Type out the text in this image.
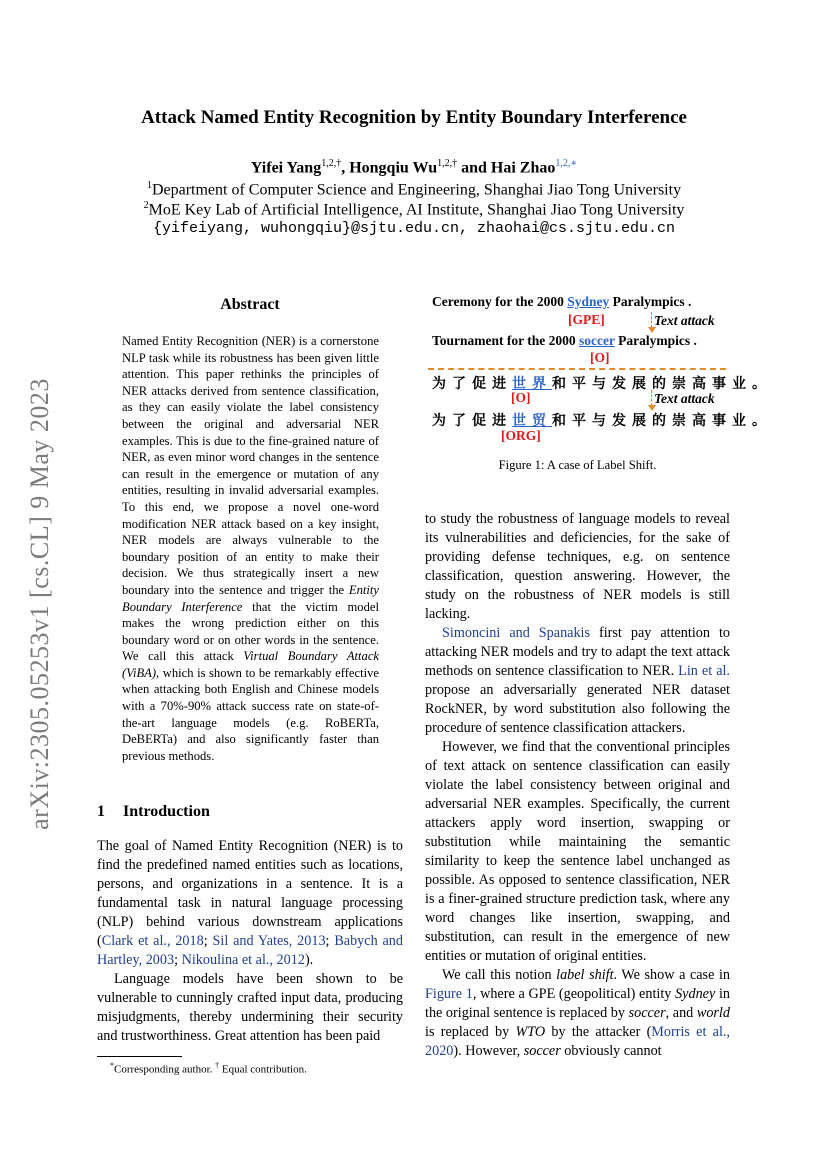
arXiv:2305.05253v1 [cs.CL] 9 May 2023
Attack Named Entity Recognition by Entity Boundary Interference
Yifei Yang$^{1,2,\dagger}$, Hongqiu $Wu^{1,2,\dagger}$ and Hai Zhao$^{1,2,∗}$
$^1$Department of Computer Science and Engineering, Shanghai Jiao Tong University
$^2$MoE Key Lab of Artificial Intelligence, AI Institute, Shanghai Jiao Tong University
{yifeiyang, wuhongqiu}@sjtu.edu.cn, zhaohai@cs.sjtu.edu.cn
Abstract
Named Entity Recognition (NER) is a cornerstone NLP task while its robustness has been given little attention. This paper rethinks the principles of NER attacks derived from sentence classification, as they can easily violate the label consistency between the original and adversarial NER examples. This is due to the fine-grained nature of NER, as even minor word changes in the sentence can result in the emergence or mutation of any entities, resulting in invalid adversarial examples. To this end, we propose a novel one-word modification NER attack based on a key insight, NER models are always vulnerable to the boundary position of an entity to make their decision. We thus strategically insert a new boundary into the sentence and trigger the Entity Boundary Interference that the victim model makes the wrong prediction either on this boundary word or on other words in the sentence. We call this attack Virtual Boundary Attack (ViBA), which is shown to be remarkably effective when attacking both English and Chinese models with a 70%-90% attack success rate on state-of-the-art language models (e.g. RoBERTa, DeBERTa) and also significantly faster than previous methods.
1 Introduction

The goal of Named Entity Recognition (NER) is to find the predefined named entities such as locations, persons, and organizations in a sentence. It is a fundamental task in natural language processing (NLP) behind various downstream applications (Clark et al., 2018; Sil and Yates, 2013; Babych and Hartley, 2003; Nikoulina et al., 2012).

Language models have been shown to be vulnerable to cunningly crafted input data, producing misjudgments, thereby undermining their security and trustworthiness. Great attention has been paid

*Corresponding author. † Equal contribution.
Ceremony for the 2000 Sydney Paralympics .
[GPE]	Text attack
Tournament for the 2000 soccer Paralympics .
[O]
为了促进世界和平与发展的崇高事业。
[O]	Text attack
为了促进世贸和平与发展的崇高事业。
[ORG]
Figure 1: A case of Label Shift.

to study the robustness of language models to reveal its vulnerabilities and deficiencies, for the sake of providing defense techniques, e.g. on sentence classification, question answering. However, the study on the robustness of NER models is still lacking.

Simoncini and Spanakis first pay attention to attacking NER models and try to adapt the text attack methods on sentence classification to NER. Lin et al. propose an adversarially generated NER dataset RockNER, by word substitution also following the procedure of sentence classification attackers.

However, we find that the conventional principles of text attack on sentence classification can easily violate the label consistency between original and adversarial NER examples. Specifically, the current attackers apply word insertion, swapping or substitution while maintaining the semantic similarity to keep the sentence label unchanged as possible. As opposed to sentence classification, NER is a finer-grained structure prediction task, where any word changes like insertion, swapping, and substitution, can result in the emergence of new entities or mutation of original entities.

We call this notion label shift. We show a case in Figure 1, where a GPE (geopolitical) entity Sydney in the original sentence is replaced by soccer, and world is replaced by WTO by the attacker (Morris et al., 2020). However, soccer obviously cannot
